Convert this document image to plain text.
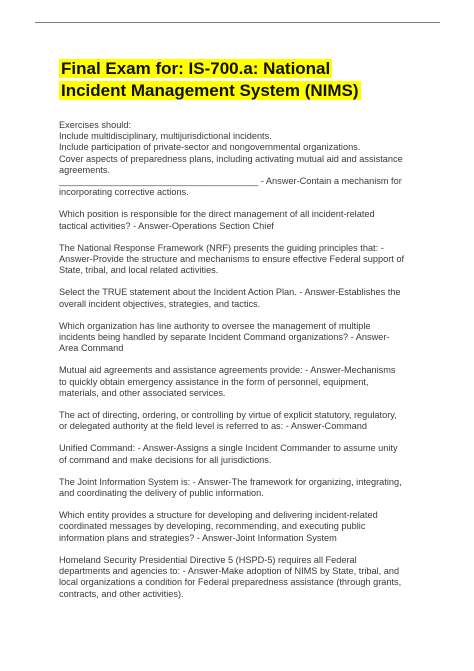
Final Exam for: IS-700.a: National
Incident Management System (NIMS)
Exercises should:
Include multidisciplinary, multijurisdictional incidents.
Include participation of private-sector and nongovernmental organizations.
Cover aspects of preparedness plans, including activating mutual aid and assistance
agreements.
_______________________________________ - Answer-Contain a mechanism for
incorporating corrective actions.
Which position is responsible for the direct management of all incident-related
tactical activities? - Answer-Operations Section Chief
The National Response Framework (NRF) presents the guiding principles that: -
Answer-Provide the structure and mechanisms to ensure effective Federal support of
State, tribal, and local related activities.
Select the TRUE statement about the Incident Action Plan. - Answer-Establishes the
overall incident objectives, strategies, and tactics.
Which organization has line authority to oversee the management of multiple
incidents being handled by separate Incident Command organizations? - Answer-
Area Command
Mutual aid agreements and assistance agreements provide: - Answer-Mechanisms
to quickly obtain emergency assistance in the form of personnel, equipment,
materials, and other associated services.
The act of directing, ordering, or controlling by virtue of explicit statutory, regulatory,
or delegated authority at the field level is referred to as: - Answer-Command
Unified Command: - Answer-Assigns a single Incident Commander to assume unity
of command and make decisions for all jurisdictions.
The Joint Information System is: - Answer-The framework for organizing, integrating,
and coordinating the delivery of public information.
Which entity provides a structure for developing and delivering incident-related
coordinated messages by developing, recommending, and executing public
information plans and strategies? - Answer-Joint Information System
Homeland Security Presidential Directive 5 (HSPD-5) requires all Federal
departments and agencies to: - Answer-Make adoption of NIMS by State, tribal, and
local organizations a condition for Federal preparedness assistance (through grants,
contracts, and other activities).
